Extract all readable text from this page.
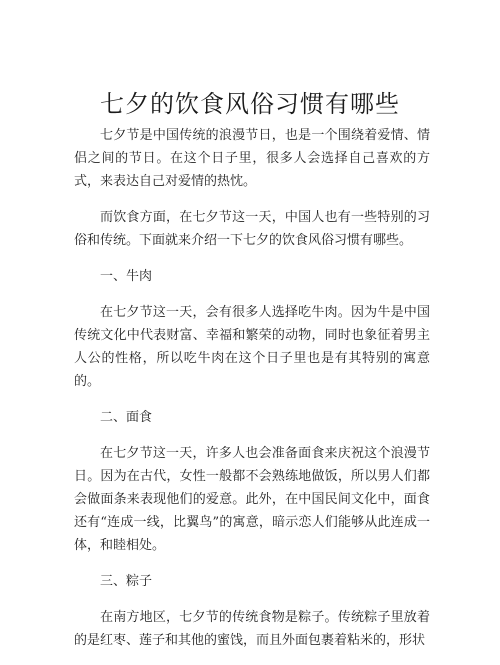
七夕的饮食风俗习惯有哪些

七夕节是中国传统的浪漫节日，也是一个围绕着爱情、情侣之间的节日。在这个日子里，很多人会选择自己喜欢的方式，来表达自己对爱情的热忱。

而饮食方面，在七夕节这一天，中国人也有一些特别的习俗和传统。下面就来介绍一下七夕的饮食风俗习惯有哪些。

一、牛肉

在七夕节这一天，会有很多人选择吃牛肉。因为牛是中国传统文化中代表财富、幸福和繁荣的动物，同时也象征着男主人公的性格，所以吃牛肉在这个日子里也是有其特别的寓意的。

二、面食

在七夕节这一天，许多人也会准备面食来庆祝这个浪漫节日。因为在古代，女性一般都不会熟练地做饭，所以男人们都会做面条来表现他们的爱意。此外，在中国民间文化中，面食还有“连成一线，比翼鸟”的寓意，暗示恋人们能够从此连成一体，和睦相处。

三、粽子

在南方地区，七夕节的传统食物是粽子。传统粽子里放着的是红枣、莲子和其他的蜜饯，而且外面包裹着粘米的，形状
